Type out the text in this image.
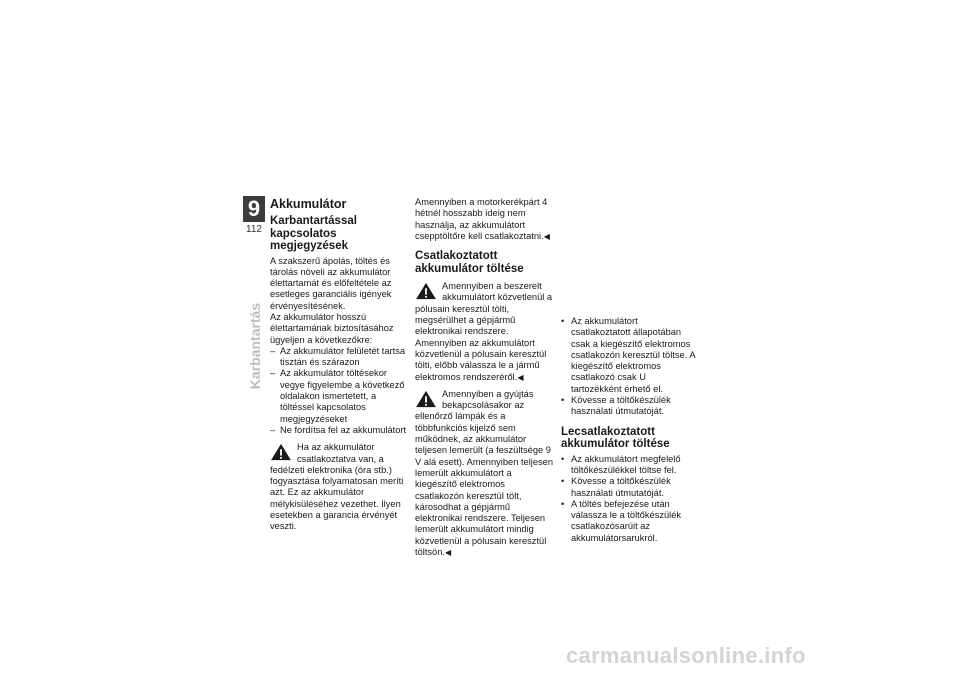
9
112
Karbantartás
Akkumulátor
Karbantartással kapcsolatos megjegyzések

A szakszerű ápolás, töltés és tárolás növeli az akkumulátor élettartamát és előfeltétele az esetleges garanciális igények érvényesítésének.

Az akkumulátor hosszú élettartamának biztosításához ügyeljen a következőkre:

– Az akkumulátor felületét tartsa tisztán és szárazon
– Az akkumulátor töltésekor vegye figyelembe a következő oldalakon ismertetett, a töltéssel kapcsolatos megjegyzéseket
– Ne fordítsa fel az akkumulátort
Ha az akkumulátor csatlakoztatva van, a fedélzeti elektronika (óra stb.) fogyasztása folyamatosan meríti azt. Ez az akkumulátor mélykisüléséhez vezethet. Ilyen esetekben a garancia érvényét veszti.

Amennyiben a motorkerékpárt 4 hétnél hosszabb ideig nem használja, az akkumulátort csepptöltőre kell csatlakoztatni.◀

Csatlakoztatott akkumulátor töltése
Amennyiben a beszerelt akkumulátort közvetlenül a pólusain keresztül tölti, megsérülhet a gépjármű elektronikai rendszere.

Amennyiben az akkumulátort közvetlenül a pólusain keresztül tölti, előbb válassza le a jármű elektromos rendszeréről.◀

Amennyiben a gyújtás bekapcsolásakor az ellenőrző lámpák és a többfunkciós kijelző sem működnek, az akkumulátor teljesen lemerült (a feszültsége 9 V alá esett). Amennyiben teljesen lemerült akkumulátort a kiegészítő elektromos csatlakozón keresztül tölt, károsodhat a gépjármű elektronikai rendszere. Teljesen lemerült akkumulátort mindig közvetlenül a pólusain keresztül töltsön.◀
• Az akkumulátort csatlakoztatott állapotában csak a kiegészítő elektromos csatlakozón keresztül töltse. A kiegészítő elektromos csatlakozó csak U tartozékként érhető el.
• Kövesse a töltőkészülék használati útmutatóját.
Lecsatlakoztatott akkumulátor töltése
• Az akkumulátort megfelelő töltőkészülékkel töltse fel.
• Kövesse a töltőkészülék használati útmutatóját.
• A töltés befejezése után válassza le a töltőkészülék csatlakozósarúit az akkumulátorsarukról.
carmanualsonline.info
